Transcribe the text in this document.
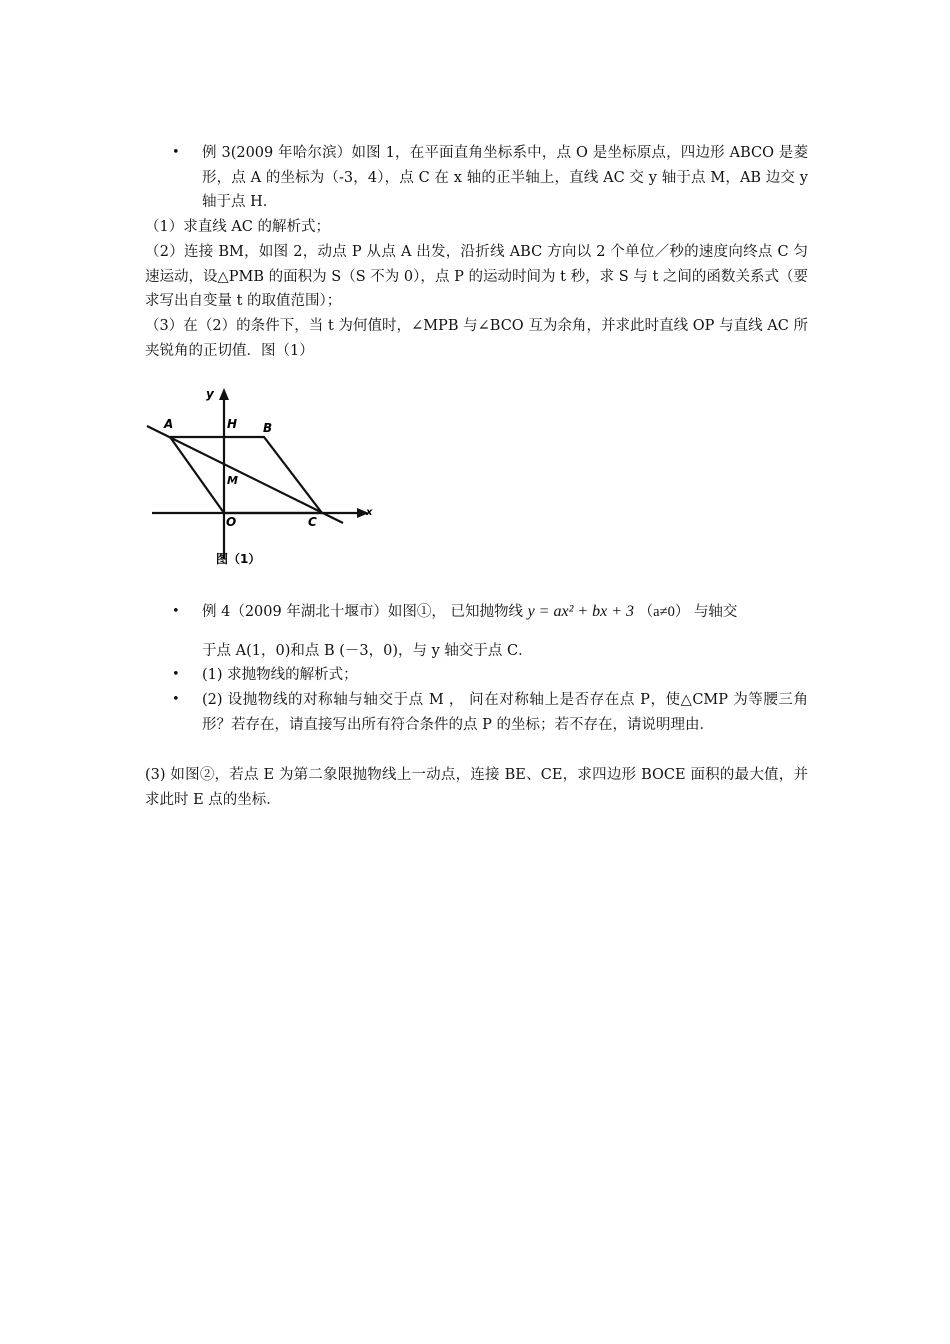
• 例 3(2009 年哈尔滨）如图 1，在平面直角坐标系中，点 O 是坐标原点，四边形 ABCO 是菱形，点 A 的坐标为（-3，4），点 C 在 x 轴的正半轴上，直线 AC 交 y 轴于点 M，AB 边交 y 轴于点 H．
（1）求直线 AC 的解析式；
（2）连接 BM，如图 2，动点 P 从点 A 出发，沿折线 ABC 方向以 2 个单位／秒的速度向终点 C 匀速运动，设△PMB 的面积为 S（S 不为 0），点 P 的运动时间为 t 秒，求 S 与 t 之间的函数关系式（要求写出自变量 t 的取值范围）；
（3）在（2）的条件下，当 t 为何值时，∠MPB 与∠BCO 互为余角，并求此时直线 OP 与直线 AC 所夹锐角的正切值．图（1）
y
x
A	H B
M
O	C
图（1）
• 例 4（2009 年湖北十堰市）如图①， 已知抛物线 y = ax² + bx + 3 （a≠0） 与轴交
于点 A(1，0)和点 B (－3，0)，与 y 轴交于点 C．
• (1) 求抛物线的解析式；
• (2) 设抛物线的对称轴与轴交于点 M ， 问在对称轴上是否存在点 P，使△CMP 为等腰三角形？若存在，请直接写出所有符合条件的点 P 的坐标；若不存在，请说明理由．
(3) 如图②，若点 E 为第二象限抛物线上一动点，连接 BE、CE，求四边形 BOCE 面积的最大值，并求此时 E 点的坐标．
